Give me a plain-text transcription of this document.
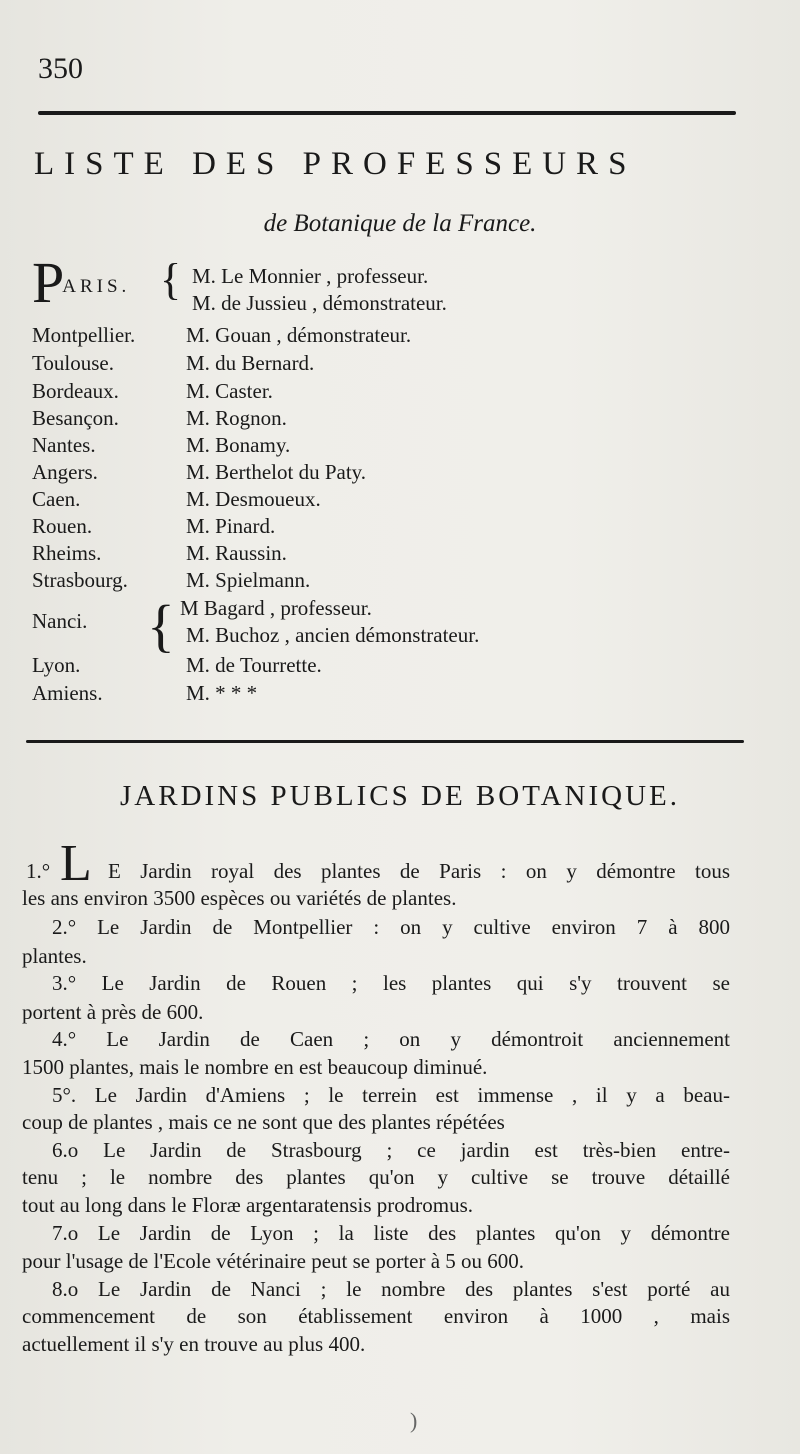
350
LISTE DES PROFESSEURS
de Botanique de la France.
PARIS. { M. Le Monnier , professeur.
M. de Jussieu , démonstrateur.
Montpellier. M. Gouan , démonstrateur.
Toulouse.	M. du Bernard.
Bordeaux.	M. Caster.
Besançon.	M. Rognon.
Nantes.	M. Bonamy.
Angers.	M. Berthelot du Paty.
Caen.	M. Desmoueux.
Rouen.	M. Pinard.
Rheims.	M. Raussin.
Strasbourg.	M. Spielmann.
Nanci. { M Bagard , professeur.
M. Buchoz , ancien démonstrateur.
Lyon.	M. de Tourrette.
Amiens.	M. * * *
JARDINS PUBLICS DE BOTANIQUE.
L
1.°	E Jardin royal des plantes de Paris : on y démontre tous
les ans environ 3500 espèces ou variétés de plantes.
2.° Le Jardin de Montpellier : on y cultive environ 7 à 800
plantes.
3.° Le Jardin de Rouen ; les plantes qui s'y trouvent se
portent à près de 600.
4.° Le Jardin de Caen ; on y démontroit anciennement
1500 plantes, mais le nombre en est beaucoup diminué.
5°. Le Jardin d'Amiens ; le terrein est immense , il y a beau-
coup de plantes , mais ce ne sont que des plantes répétées
6.o Le Jardin de Strasbourg ; ce jardin est très-bien entre-
tenu ; le nombre des plantes qu'on y cultive se trouve détaillé
tout au long dans le Floræ argentaratensis prodromus.
7.o Le Jardin de Lyon ; la liste des plantes qu'on y démontre
pour l'usage de l'Ecole vétérinaire peut se porter à 5 ou 600.
8.o Le Jardin de Nanci ; le nombre des plantes s'est porté au
commencement de son établissement environ à 1000 , mais
actuellement il s'y en trouve au plus 400.
)
